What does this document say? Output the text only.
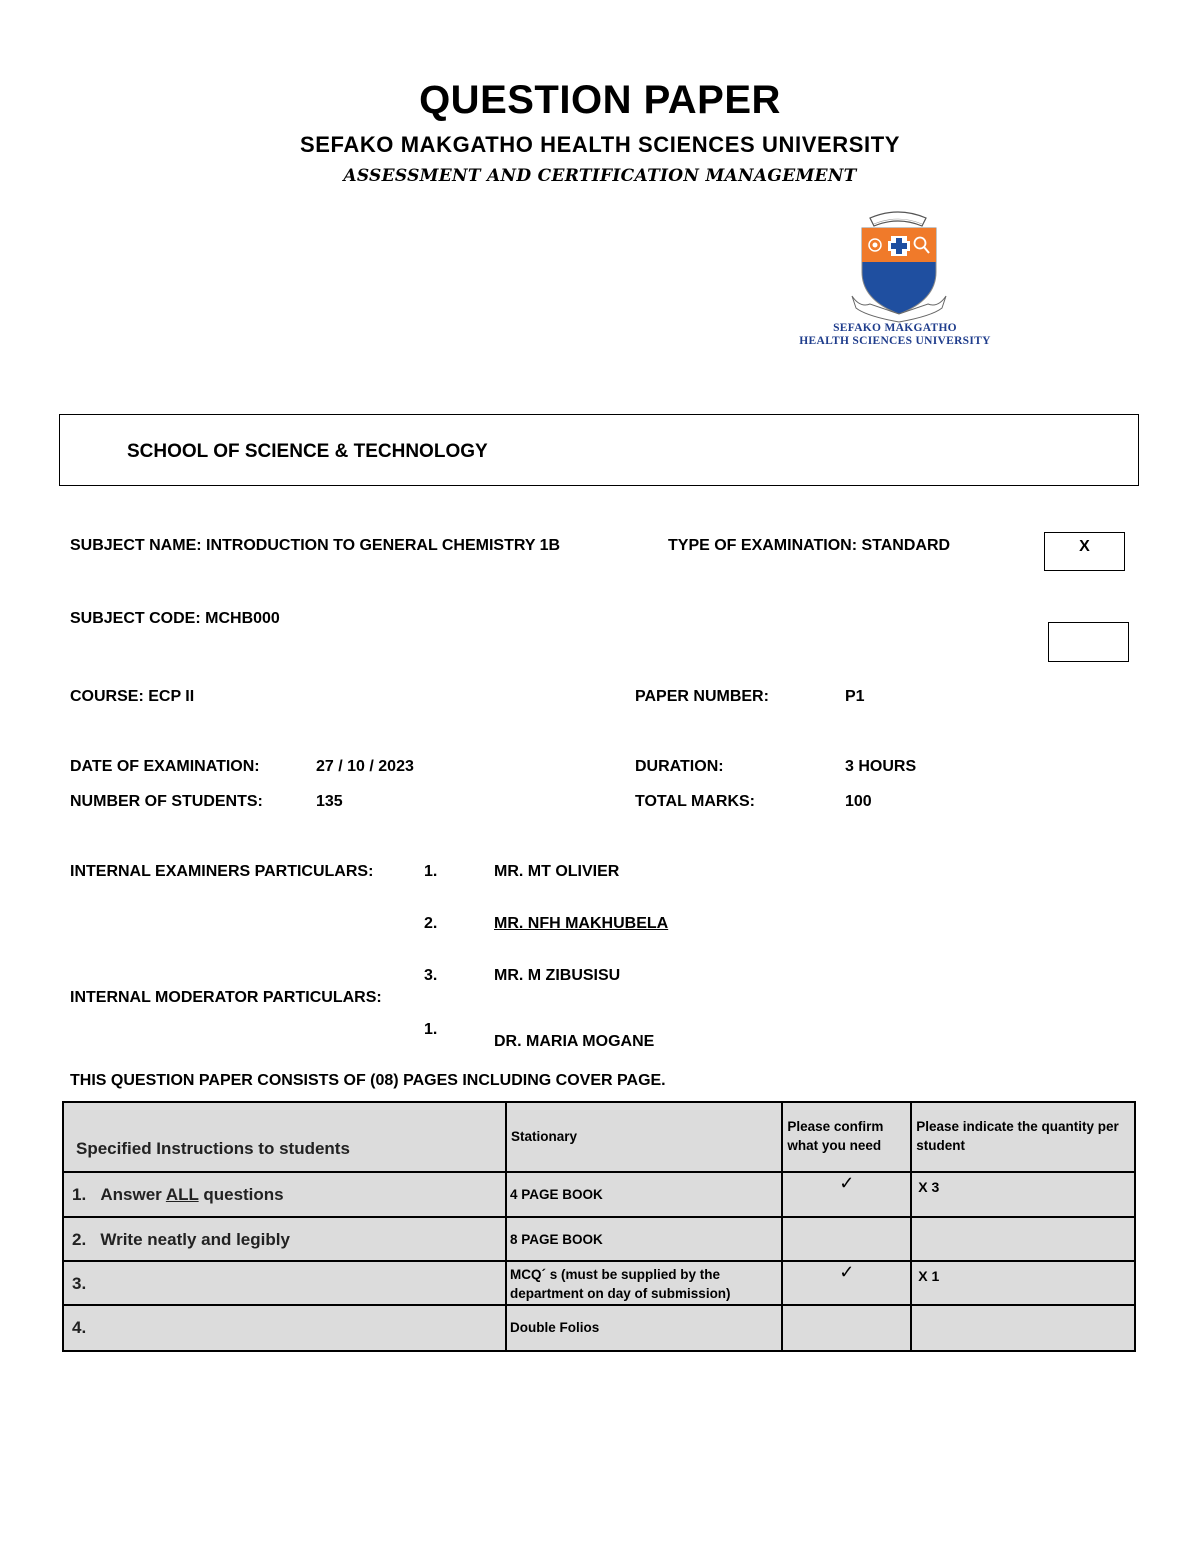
QUESTION PAPER
SEFAKO MAKGATHO HEALTH SCIENCES UNIVERSITY
ASSESSMENT AND CERTIFICATION MANAGEMENT
SEFAKO MAKGATHO
HEALTH SCIENCES UNIVERSITY
SCHOOL OF SCIENCE & TECHNOLOGY
SUBJECT NAME: INTRODUCTION TO GENERAL CHEMISTRY 1B	TYPE OF EXAMINATION: STANDARD	X
SUBJECT CODE: MCHB000
COURSE: ECP II	PAPER NUMBER:	P1
DATE OF EXAMINATION:	27 / 10 / 2023	DURATION:	3 HOURS
NUMBER OF STUDENTS:	135	TOTAL MARKS:	100
INTERNAL EXAMINERS PARTICULARS:	1.	MR. MT OLIVIER
2.	MR. NFH MAKHUBELA
3.	MR. M ZIBUSISU
INTERNAL MODERATOR PARTICULARS:
1.
DR. MARIA MOGANE
THIS QUESTION PAPER CONSISTS OF (08) PAGES INCLUDING COVER PAGE.
Specified Instructions to students	Stationary	Please confirm what you need	Please indicate the quantity per student
1. Answer ALL questions	4 PAGE BOOK	✓	X 3
2. Write neatly and legibly	8 PAGE BOOK		
3.	MCQ´ s (must be supplied by the department on day of submission)	✓	X 1
4.	Double Folios		
